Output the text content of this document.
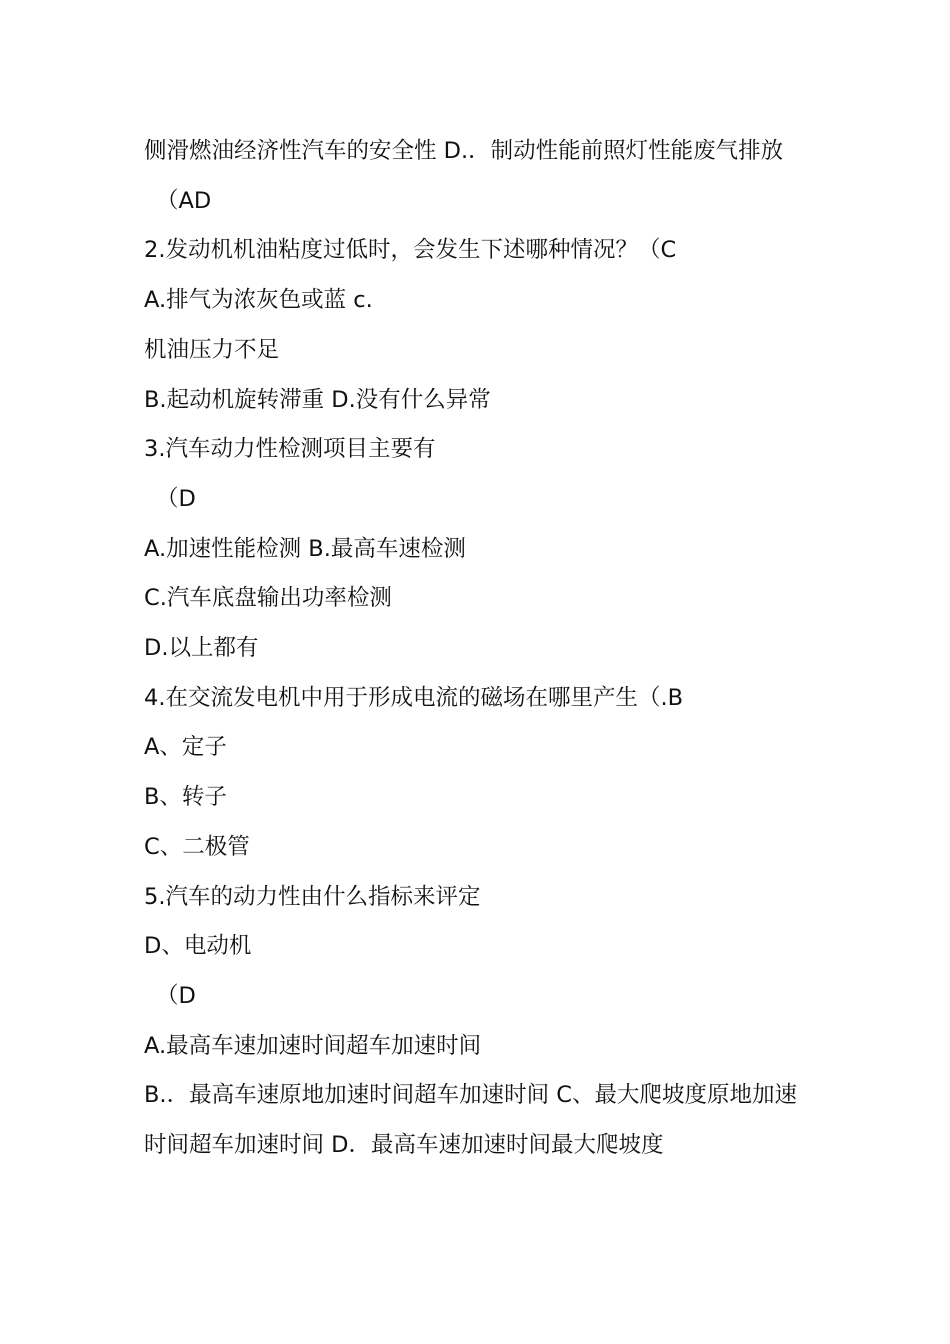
侧滑燃油经济性汽车的安全性 D.．制动性能前照灯性能废气排放

（AD

2.发动机机油粘度过低时，会发生下述哪种情况？（C

A.排气为浓灰色或蓝 c.

机油压力不足

B.起动机旋转滞重 D.没有什么异常

3.汽车动力性检测项目主要有

（D

A.加速性能检测 B.最高车速检测

C.汽车底盘输出功率检测

D.以上都有

4.在交流发电机中用于形成电流的磁场在哪里产生（.B

A、定子

B、转子

C、二极管

5.汽车的动力性由什么指标来评定

D、电动机

（D

A.最高车速加速时间超车加速时间

B.．最高车速原地加速时间超车加速时间 C、最大爬坡度原地加速时间超车加速时间 D．最高车速加速时间最大爬坡度
